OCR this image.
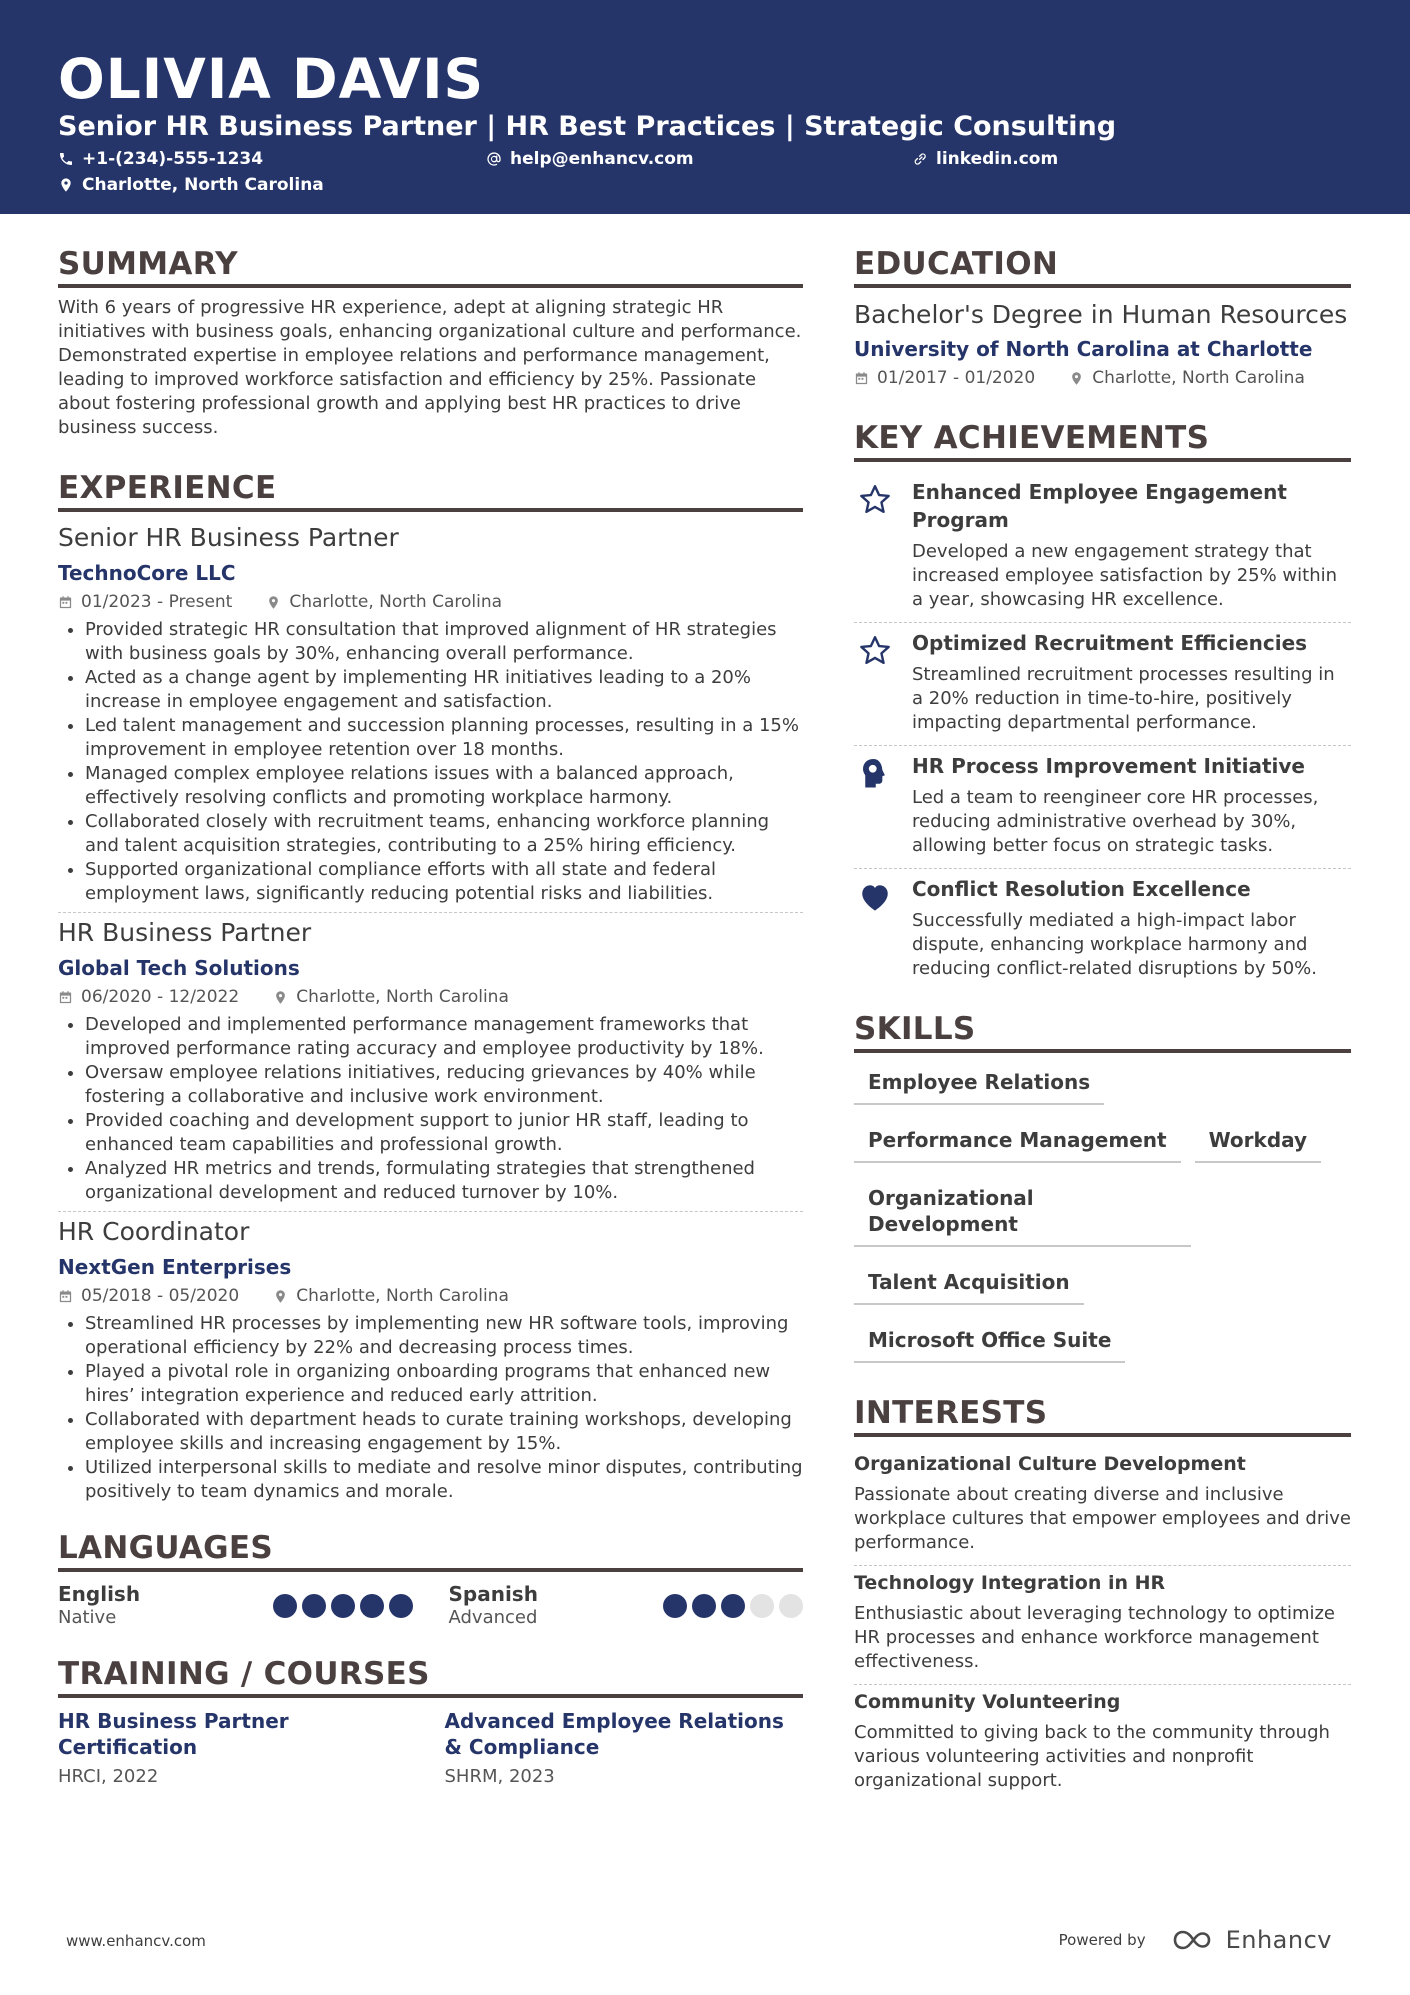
OLIVIA DAVIS
Senior HR Business Partner | HR Best Practices | Strategic Consulting
+1-(234)-555-1234	help@enhancv.com	linkedin.com
Charlotte, North Carolina
SUMMARY
With 6 years of progressive HR experience, adept at aligning strategic HR initiatives with business goals, enhancing organizational culture and performance. Demonstrated expertise in employee relations and performance management, leading to improved workforce satisfaction and efficiency by 25%. Passionate about fostering professional growth and applying best HR practices to drive business success.
EXPERIENCE
Senior HR Business Partner
TechnoCore LLC
01/2023 - Present	Charlotte, North Carolina
• Provided strategic HR consultation that improved alignment of HR strategies with business goals by 30%, enhancing overall performance.
• Acted as a change agent by implementing HR initiatives leading to a 20% increase in employee engagement and satisfaction.
• Led talent management and succession planning processes, resulting in a 15% improvement in employee retention over 18 months.
• Managed complex employee relations issues with a balanced approach, effectively resolving conflicts and promoting workplace harmony.
• Collaborated closely with recruitment teams, enhancing workforce planning and talent acquisition strategies, contributing to a 25% hiring efficiency.
• Supported organizational compliance efforts with all state and federal employment laws, significantly reducing potential risks and liabilities.
HR Business Partner
Global Tech Solutions
06/2020 - 12/2022	Charlotte, North Carolina
• Developed and implemented performance management frameworks that improved performance rating accuracy and employee productivity by 18%.
• Oversaw employee relations initiatives, reducing grievances by 40% while fostering a collaborative and inclusive work environment.
• Provided coaching and development support to junior HR staff, leading to enhanced team capabilities and professional growth.
• Analyzed HR metrics and trends, formulating strategies that strengthened organizational development and reduced turnover by 10%.
HR Coordinator
NextGen Enterprises
05/2018 - 05/2020	Charlotte, North Carolina
• Streamlined HR processes by implementing new HR software tools, improving operational efficiency by 22% and decreasing process times.
• Played a pivotal role in organizing onboarding programs that enhanced new hires’ integration experience and reduced early attrition.
• Collaborated with department heads to curate training workshops, developing employee skills and increasing engagement by 15%.
• Utilized interpersonal skills to mediate and resolve minor disputes, contributing positively to team dynamics and morale.
LANGUAGES
English
Native
Spanish
Advanced
TRAINING / COURSES
HR Business Partner Certification
HRCI, 2022
Advanced Employee Relations & Compliance
SHRM, 2023
EDUCATION
Bachelor's Degree in Human Resources
University of North Carolina at Charlotte
01/2017 - 01/2020	Charlotte, North Carolina
KEY ACHIEVEMENTS
Enhanced Employee Engagement Program
Developed a new engagement strategy that increased employee satisfaction by 25% within a year, showcasing HR excellence.
Optimized Recruitment Efficiencies
Streamlined recruitment processes resulting in a 20% reduction in time-to-hire, positively impacting departmental performance.
HR Process Improvement Initiative
Led a team to reengineer core HR processes, reducing administrative overhead by 30%, allowing better focus on strategic tasks.
Conflict Resolution Excellence
Successfully mediated a high-impact labor dispute, enhancing workplace harmony and reducing conflict-related disruptions by 50%.
SKILLS
Employee Relations
Performance Management	Workday
Organizational Development
Talent Acquisition
Microsoft Office Suite
INTERESTS
Organizational Culture Development
Passionate about creating diverse and inclusive workplace cultures that empower employees and drive performance.
Technology Integration in HR
Enthusiastic about leveraging technology to optimize HR processes and enhance workforce management effectiveness.
Community Volunteering
Committed to giving back to the community through various volunteering activities and nonprofit organizational support.
www.enhancv.com	Powered by	Enhancv
